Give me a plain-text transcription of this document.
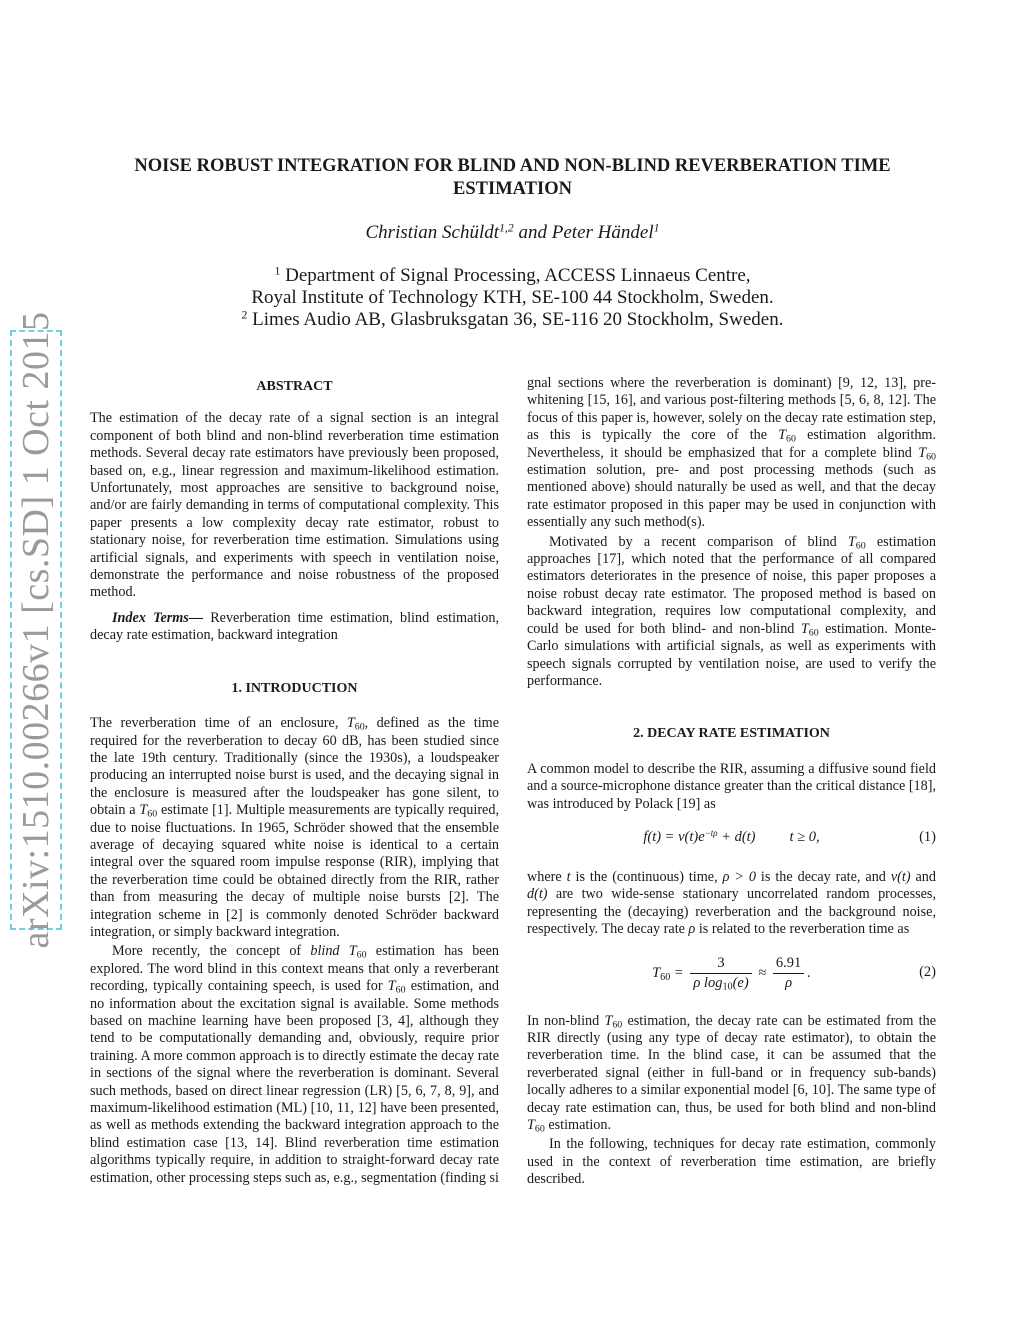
arXiv:1510.00266v1 [cs.SD] 1 Oct 2015
NOISE ROBUST INTEGRATION FOR BLIND AND NON-BLIND REVERBERATION TIME ESTIMATION
Christian Schüldt$^{1,2}$ and Peter Händel$^1$
$^1$ Department of Signal Processing, ACCESS Linnaeus Centre,
Royal Institute of Technology KTH, SE-100 44 Stockholm, Sweden.
$^2$ Limes Audio AB, Glasbruksgatan 36, SE-116 20 Stockholm, Sweden.
ABSTRACT

The estimation of the decay rate of a signal section is an integral component of both blind and non-blind reverberation time estimation methods. Several decay rate estimators have previously been proposed, based on, e.g., linear regression and maximum-likelihood estimation. Unfortunately, most approaches are sensitive to background noise, and/or are fairly demanding in terms of computational complexity. This paper presents a low complexity decay rate estimator, robust to stationary noise, for reverberation time estimation. Simulations using artificial signals, and experiments with speech in ventilation noise, demonstrate the performance and noise robustness of the proposed method.

Index Terms— Reverberation time estimation, blind estimation, decay rate estimation, backward integration

1. INTRODUCTION

The reverberation time of an enclosure, $T_{60}$, defined as the time required for the reverberation to decay 60 dB, has been studied since the late 19th century. Traditionally (since the 1930s), a loudspeaker producing an interrupted noise burst is used, and the decaying signal in the enclosure is measured after the loudspeaker has gone silent, to obtain a $T_{60}$ estimate [1]. Multiple measurements are typically required, due to noise fluctuations. In 1965, Schröder showed that the ensemble average of decaying squared white noise is identical to a certain integral over the squared room impulse response (RIR), implying that the reverberation time could be obtained directly from the RIR, rather than from measuring the decay of multiple noise bursts [2]. The integration scheme in [2] is commonly denoted Schröder backward integration, or simply backward integration.

More recently, the concept of blind $T_{60}$ estimation has been explored. The word blind in this context means that only a reverberant recording, typically containing speech, is used for $T_{60}$ estimation, and no information about the excitation signal is available. Some methods based on machine learning have been proposed [3, 4], although they tend to be computationally demanding and, obviously, require prior training. A more common approach is to directly estimate the decay rate in sections of the signal where the reverberation is dominant. Several such methods, based on direct linear regression (LR) [5, 6, 7, 8, 9], and maximum-likelihood estimation (ML) [10, 11, 12] have been presented, as well as methods extending the backward integration approach to the blind estimation case [13, 14]. Blind reverberation time estimation algorithms typically require, in addition to straight-forward decay rate estimation, other processing steps such as, e.g., segmentation (finding si

gnal sections where the reverberation is dominant) [9, 12, 13], pre-whitening [15, 16], and various post-filtering methods [5, 6, 8, 12]. The focus of this paper is, however, solely on the decay rate estimation step, as this is typically the core of the $T_{60}$ estimation algorithm. Nevertheless, it should be emphasized that for a complete blind $T_{60}$ estimation solution, pre- and post processing methods (such as mentioned above) should naturally be used as well, and that the decay rate estimator proposed in this paper may be used in conjunction with essentially any such method(s).

Motivated by a recent comparison of blind $T_{60}$ estimation approaches [17], which noted that the performance of all compared estimators deteriorates in the presence of noise, this paper proposes a noise robust decay rate estimator. The proposed method is based on backward integration, requires low computational complexity, and could be used for both blind- and non-blind $T_{60}$ estimation. Monte-Carlo simulations with artificial signals, as well as experiments with speech signals corrupted by ventilation noise, are used to verify the performance.

2. DECAY RATE ESTIMATION

A common model to describe the RIR, assuming a diffusive sound field and a source-microphone distance greater than the critical distance [18], was introduced by Polack [19] as

$f(t) = v(t)e^{-t\rho} + d(t) t \ge 0$,	(1)

where t is the (continuous) time, ρ > 0 is the decay rate, and v(t) and d(t) are two wide-sense stationary uncorrelated random processes, representing the (decaying) reverberation and the background noise, respectively. The decay rate ρ is related to the reverberation time as

$T_{60} = \frac{3}{\rho \log_{10}(e)} \approx \frac{6.91}{\rho}$ .	(2)

In non-blind $T_{60}$ estimation, the decay rate can be estimated from the RIR directly (using any type of decay rate estimator), to obtain the reverberation time. In the blind case, it can be assumed that the reverberated signal (either in full-band or in frequency sub-bands) locally adheres to a similar exponential model [6, 10]. The same type of decay rate estimation can, thus, be used for both blind and non-blind $T_{60}$ estimation.

In the following, techniques for decay rate estimation, commonly used in the context of reverberation time estimation, are briefly described.
